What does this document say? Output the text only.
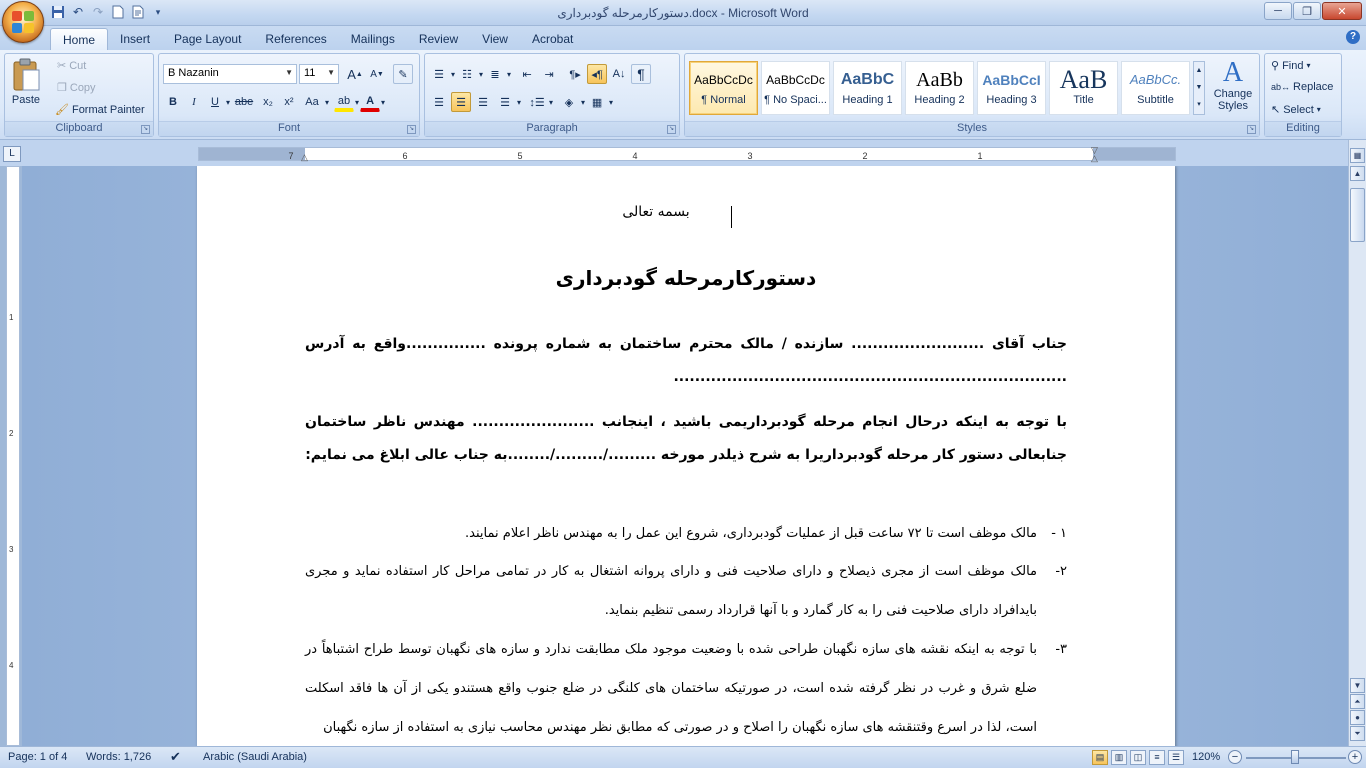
↶ ↷	▾	دستورکارمرحله گودبرداری.docx - Microsoft Word	─	❐	✕
Home	Insert	Page Layout	References	Mailings	Review	View	Acrobat	?
Paste
✂ Cut
❐ Copy
🖌 Format Painter
Clipboard	↘
B Nazanin	▼	11 ▼ A ▲ A ▼	✎
B	I	U ▾ abe x₂	x²	Aa ▾ ab ▾ A ▾
Font	↘
☰ ▾ ☷ ▾ ≣ ▾	⇤	⇥	¶▸ ◂¶ A↓ ¶
☰	☰	☰	☰ ▾ ↕☰ ▾	◈ ▾ ▦ ▾
Paragraph	↘
AaBbCcDc
¶ Normal
AaBbCcDc
¶ No Spaci...
AaBbC
Heading 1
AaBb
Heading 2
AaBbCcI
Heading 3
AaB
Title
AaBbCc.
Subtitle
▲
▼
▾
A
Change Styles
Styles	↘
⚲ Find ▾
ab↔ Replace
↖ Select ▾
Editing
L	7	6	5	4	3	2	1
△
▽
△
1
2
3
4
بسمه تعالی
دستورکارمرحله گودبرداری
جناب آقای ......................... سازنده / مالک محترم ساختمان به شماره پرونده ...............واقع به آدرس ..........................................................................
با توجه به اینکه درحال انجام مرحله گودبرداریمی باشید ، اینجانب ....................... مهندس ناظر ساختمان جنابعالی دستور کار مرحله گودبرداریرا به شرح ذیلدر مورخه ........./........./........به جناب عالی ابلاغ می نمایم:
۱ -
مالک موظف است تا ۷۲ ساعت قبل از عملیات گودبرداری، شروع این عمل را به مهندس ناظر اعلام نمایند.
۲-
مالک موظف است از مجری ذیصلاح و دارای صلاحیت فنی و دارای پروانه اشتغال به کار در تمامی مراحل کار استفاده نماید و مجری بایدافراد دارای صلاحیت فنی را به کار گمارد و با آنها قرارداد رسمی تنظیم بنماید.
۳-
با توجه به اینکه نقشه های سازه نگهبان طراحی شده با وضعیت موجود ملک مطابقت ندارد و سازه های نگهبان توسط طراح اشتباهاً در ضلع شرق و غرب در نظر گرفته شده است، در صورتیکه ساختمان های کلنگی در ضلع جنوب واقع هستندو یکی از آن ها فاقد اسکلت است، لذا در اسرع وقتنقشه های سازه نگهبان را اصلاح و در صورتی که مطابق نظر مهندس محاسب نیازی به استفاده از سازه نگهبان
▦
▲
▼
⏶
●
⏷
Page: 1 of 4 Words: 1,726 ✔ Arabic (Saudi Arabia)	▤	▥	◫	≡	☰	120%	−	+
